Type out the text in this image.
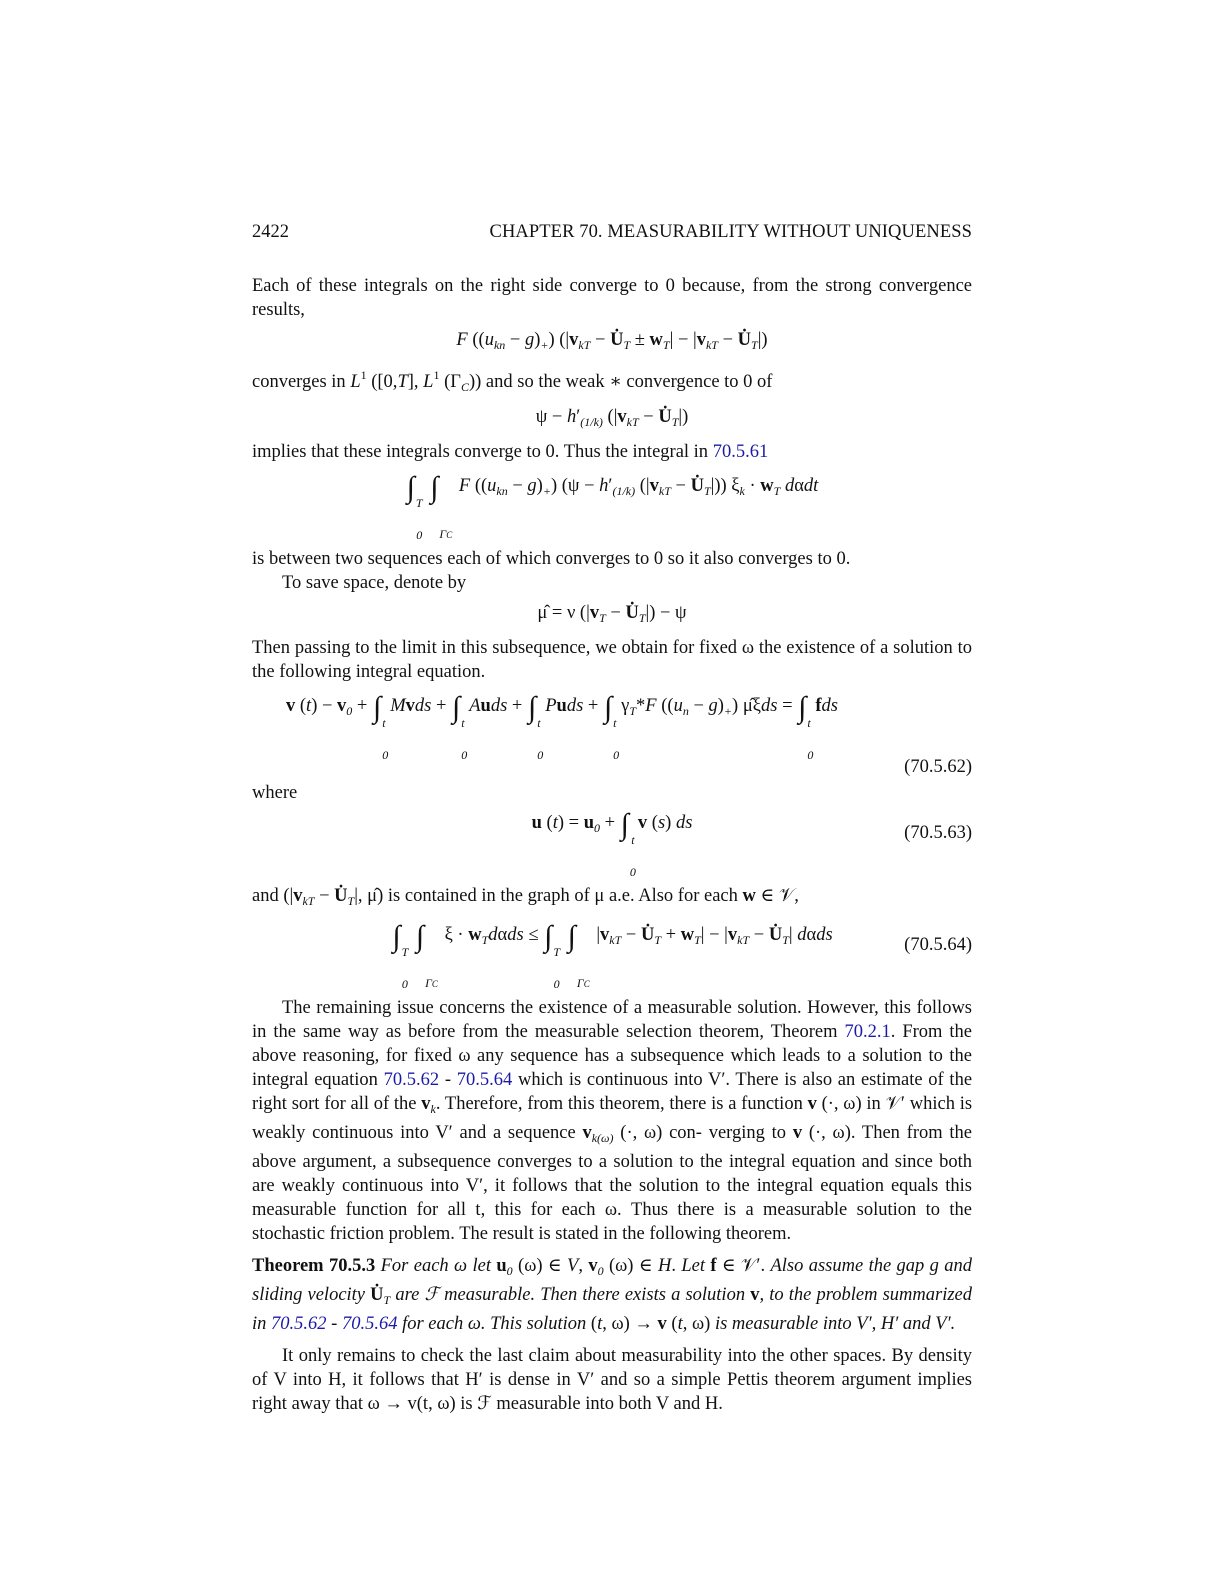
2422	CHAPTER 70. MEASURABILITY WITHOUT UNIQUENESS

Each of these integrals on the right side converge to 0 because, from the strong convergence results,

F $((u_{kn} - g)_+) (|v_{kT}$ − $U̇_T \pm w_T| - |v_{kT}$ − $U̇_T|$)

converges in $L^1$ ([0,T], $L^1$ $(\Gamma_C)$) and so the weak ∗ convergence to 0 of

$\psi - h'_{(1/k)}$ ($|v_{kT}$ − $U̇_T|$)

implies that these integrals converge to 0. Thus the integral in 70.5.61

∫ T
0
∫

ΓC
F $((u_{kn} - g)_+) (\psi - h'_{(1/k)}$ ($|v_{kT}$ − $U̇_T|$)) $\xi_k \cdot w_T$ dαdt

is between two sequences each of which converges to 0 so it also converges to 0.

To save space, denote by

μ̂ = ν ($|v_T$ − $U̇_T|) - \psi$

Then passing to the limit in this subsequence, we obtain for fixed ω the existence of a solution to the following integral equation.

v $(t) - v_0$ + ∫ t
0
Mvds + ∫ t
0
Auds + ∫ t
0
Puds + ∫ t
0
$\gamma_T*F$ $((u_n - g)_+)$ μ̂ξds = ∫ t
0
fds
(70.5.62)

where

u $(t) = u_0$ + ∫ t
0
v (s) ds	(70.5.63)

and ($|v_{kT}$ − $U̇_T|$, μ̂) is contained in the graph of μ a.e. Also for each w ∈ 𝒱,

∫ T
0
∫

ΓC
$\xi \cdot w_Td\alpha ds$ ≤ ∫ T
0
∫

ΓC
$|v_{kT}$ − $U̇_T + w_T| - |v_{kT}$ − $U̇_T|$ dαds	(70.5.64)

The remaining issue concerns the existence of a measurable solution. However, this follows in the same way as before from the measurable selection theorem, Theorem 70.2.1. From the above reasoning, for fixed ω any sequence has a subsequence which leads to a solution to the integral equation 70.5.62 - 70.5.64 which is continuous into V′. There is also an estimate of the right sort for all of the $v_k$. Therefore, from this theorem, there is a function v (·, ω) in 𝒱′ which is weakly continuous into V′ and a sequence $v_{k(\omega)}$ (·, ω) con- verging to v (·, ω). Then from the above argument, a subsequence converges to a solution to the integral equation and since both are weakly continuous into V′, it follows that the solution to the integral equation equals this measurable function for all t, this for each ω. Thus there is a measurable solution to the stochastic friction problem. The result is stated in the following theorem.

Theorem 70.5.3 For each ω let $u_0$ (ω) ∈ V, $v_0$ (ω) ∈ H. Let f ∈ 𝒱′. Also assume the gap g and sliding velocity $U̇_T$ are ℱ measurable. Then there exists a solution v, to the problem summarized in 70.5.62 - 70.5.64 for each ω. This solution (t, ω) → v (t, ω) is measurable into V′, H′ and V′.

It only remains to check the last claim about measurability into the other spaces. By density of V into H, it follows that H′ is dense in V′ and so a simple Pettis theorem argument implies right away that ω → v(t, ω) is ℱ measurable into both V and H.
